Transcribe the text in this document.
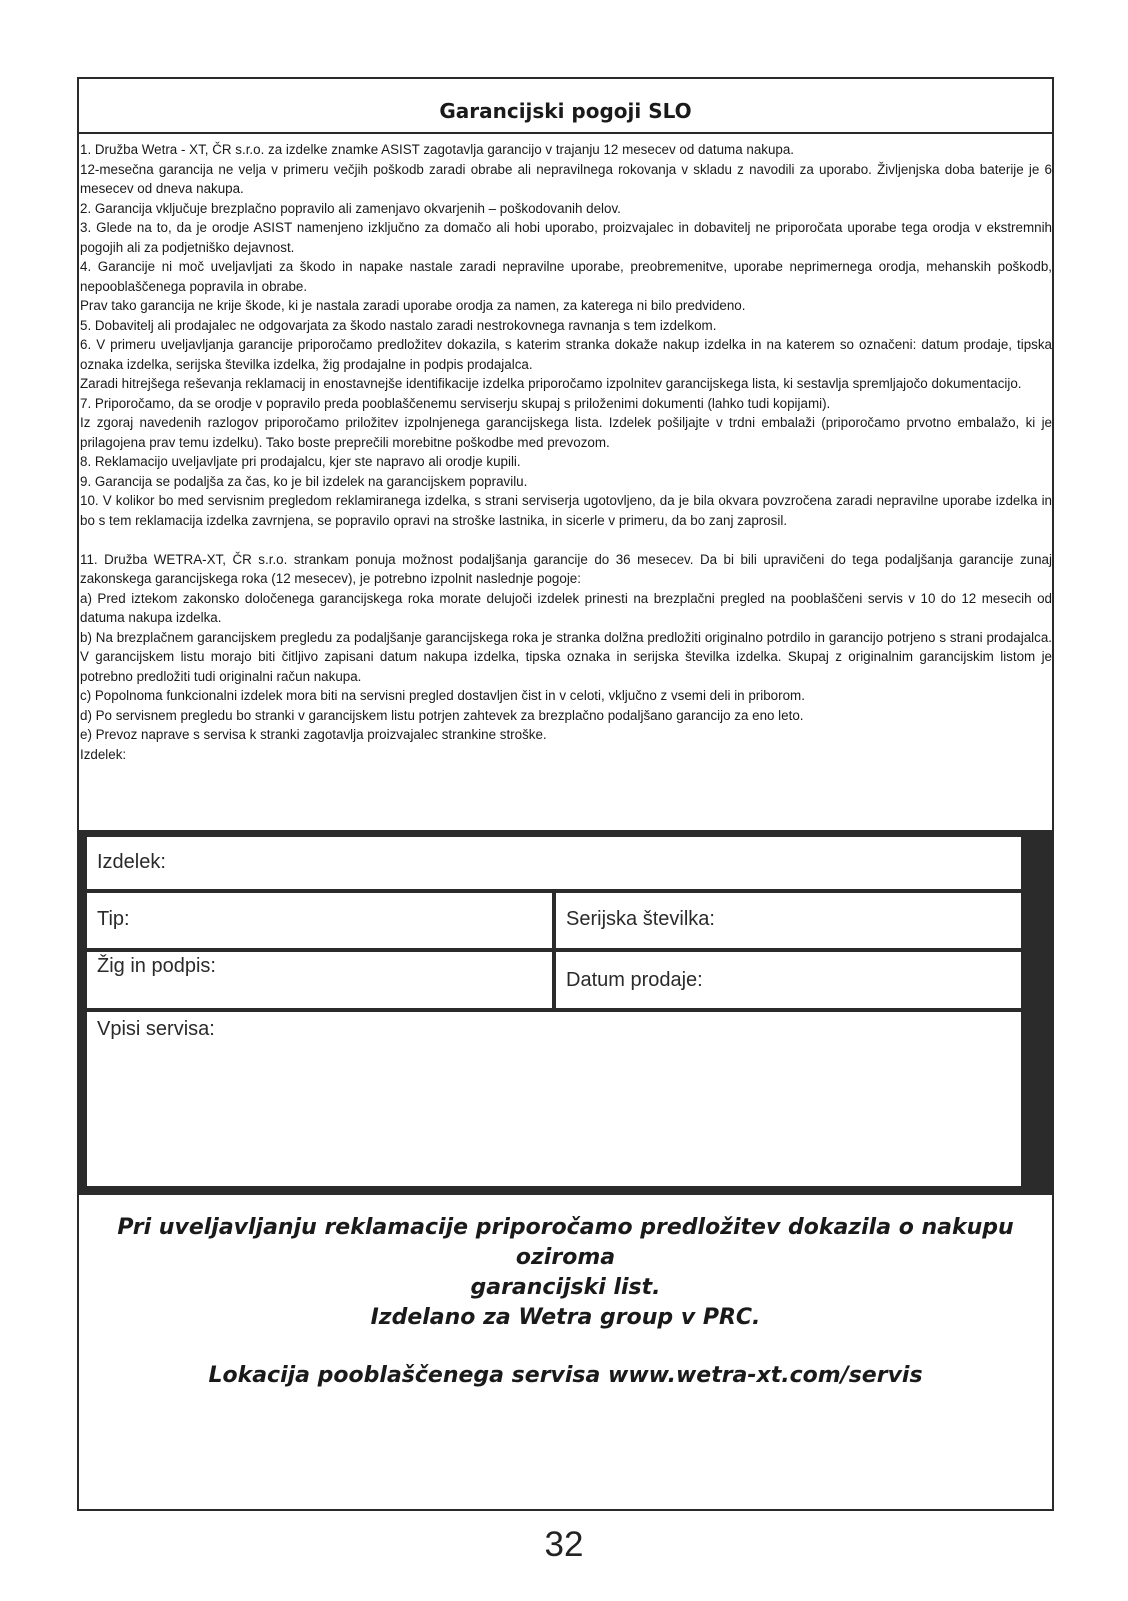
Garancijski pogoji SLO

1. Družba Wetra - XT, ČR s.r.o. za izdelke znamke ASIST zagotavlja garancijo v trajanju 12 mesecev od datuma nakupa.

12-mesečna garancija ne velja v primeru večjih poškodb zaradi obrabe ali nepravilnega rokovanja v skladu z navodili za uporabo. Življenjska doba baterije je 6 mesecev od dneva nakupa.

2. Garancija vključuje brezplačno popravilo ali zamenjavo okvarjenih – poškodovanih delov.

3. Glede na to, da je orodje ASIST namenjeno izključno za domačo ali hobi uporabo, proizvajalec in dobavitelj ne priporočata uporabe tega orodja v ekstremnih pogojih ali za podjetniško dejavnost.

4. Garancije ni moč uveljavljati za škodo in napake nastale zaradi nepravilne uporabe, preobremenitve, uporabe neprimernega orodja, mehanskih poškodb, nepooblaščenega popravila in obrabe.

Prav tako garancija ne krije škode, ki je nastala zaradi uporabe orodja za namen, za katerega ni bilo predvideno.

5. Dobavitelj ali prodajalec ne odgovarjata za škodo nastalo zaradi nestrokovnega ravnanja s tem izdelkom.

6. V primeru uveljavljanja garancije priporočamo predložitev dokazila, s katerim stranka dokaže nakup izdelka in na katerem so označeni: datum prodaje, tipska oznaka izdelka, serijska številka izdelka, žig prodajalne in podpis prodajalca.

Zaradi hitrejšega reševanja reklamacij in enostavnejše identifikacije izdelka priporočamo izpolnitev garancijskega lista, ki sestavlja spremljajočo dokumentacijo.

7. Priporočamo, da se orodje v popravilo preda pooblaščenemu serviserju skupaj s priloženimi dokumenti (lahko tudi kopijami).

Iz zgoraj navedenih razlogov priporočamo priložitev izpolnjenega garancijskega lista. Izdelek pošiljajte v trdni embalaži (priporočamo prvotno embalažo, ki je prilagojena prav temu izdelku). Tako boste preprečili morebitne poškodbe med prevozom.

8. Reklamacijo uveljavljate pri prodajalcu, kjer ste napravo ali orodje kupili.

9. Garancija se podaljša za čas, ko je bil izdelek na garancijskem popravilu.

10. V kolikor bo med servisnim pregledom reklamiranega izdelka, s strani serviserja ugotovljeno, da je bila okvara povzročena zaradi nepravilne uporabe izdelka in bo s tem reklamacija izdelka zavrnjena, se popravilo opravi na stroške lastnika, in sicerle v primeru, da bo zanj zaprosil.

11. Družba WETRA-XT, ČR s.r.o. strankam ponuja možnost podaljšanja garancije do 36 mesecev. Da bi bili upravičeni do tega podaljšanja garancije zunaj zakonskega garancijskega roka (12 mesecev), je potrebno izpolnit naslednje pogoje:

a) Pred iztekom zakonsko določenega garancijskega roka morate delujoči izdelek prinesti na brezplačni pregled na pooblaščeni servis v 10 do 12 mesecih od datuma nakupa izdelka.

b) Na brezplačnem garancijskem pregledu za podaljšanje garancijskega roka je stranka dolžna predložiti originalno potrdilo in garancijo potrjeno s strani prodajalca. V garancijskem listu morajo biti čitljivo zapisani datum nakupa izdelka, tipska oznaka in serijska številka izdelka. Skupaj z originalnim garancijskim listom je potrebno predložiti tudi originalni račun nakupa.

c) Popolnoma funkcionalni izdelek mora biti na servisni pregled dostavljen čist in v celoti, vključno z vsemi deli in priborom.

d) Po servisnem pregledu bo stranki v garancijskem listu potrjen zahtevek za brezplačno podaljšano garancijo za eno leto.

e) Prevoz naprave s servisa k stranki zagotavlja proizvajalec strankine stroške.

Izdelek:

Izdelek:
Tip:	Serijska številka:
Žig in podpis:
Datum prodaje:
Vpisi servisa:

Pri uveljavljanju reklamacije priporočamo predložitev dokazila o nakupu oziroma

garancijski list.

Izdelano za Wetra group v PRC.

Lokacija pooblaščenega servisa www.wetra-xt.com/servis

32
